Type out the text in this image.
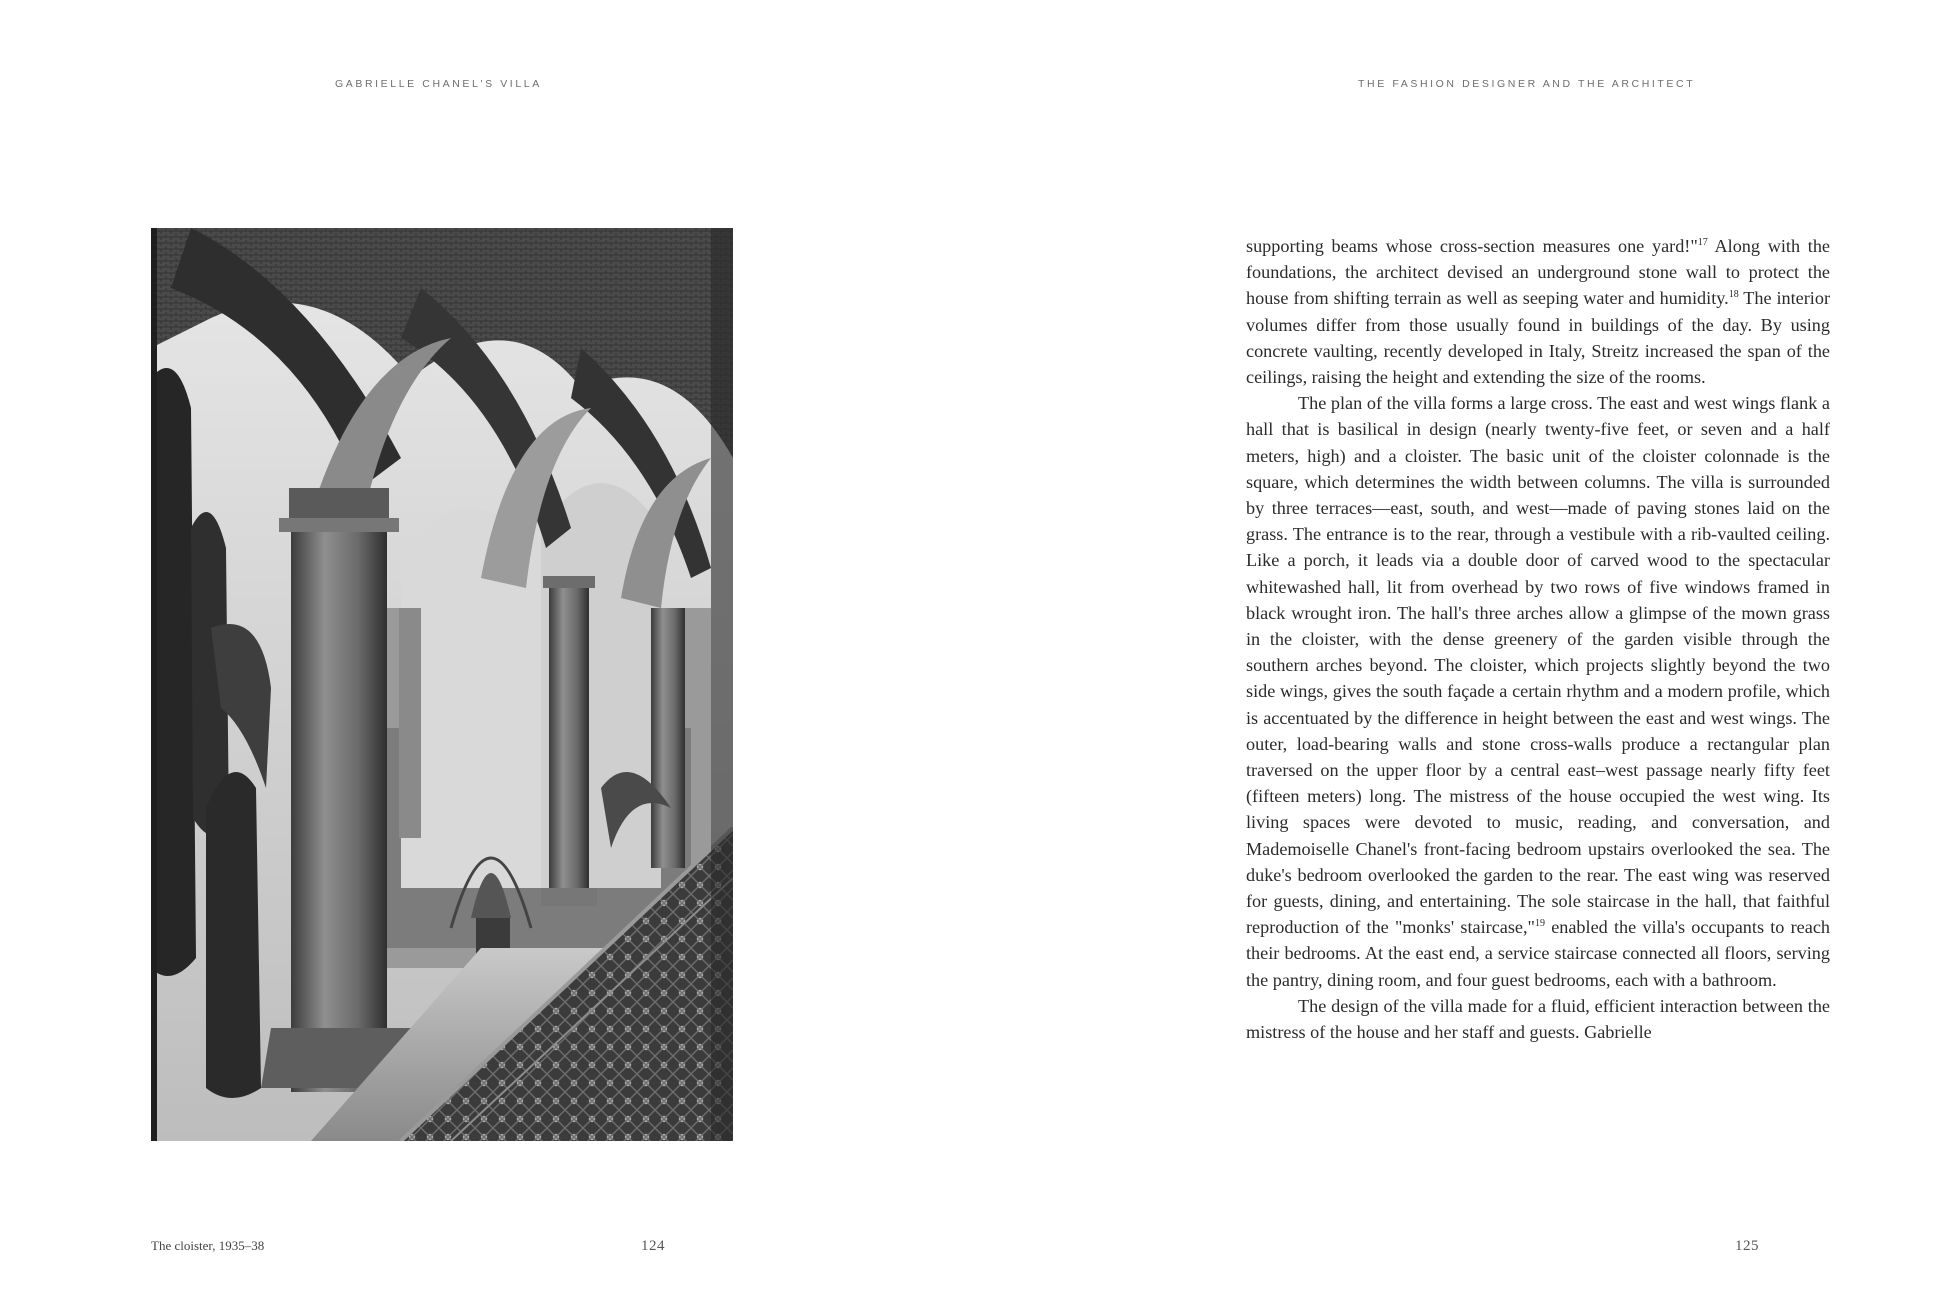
GABRIELLE CHANEL'S VILLA
The cloister, 1935–38	124
THE FASHION DESIGNER AND THE ARCHITECT

supporting beams whose cross-section measures one yard!"$^{17}$ Along with the foundations, the architect devised an underground stone wall to protect the house from shifting terrain as well as seeping water and humidity.$^{18}$ The interior volumes differ from those usually found in buildings of the day. By using concrete vaulting, recently developed in Italy, Streitz increased the span of the ceilings, raising the height and extending the size of the rooms.

The plan of the villa forms a large cross. The east and west wings flank a hall that is basilical in design (nearly twenty-five feet, or seven and a half meters, high) and a cloister. The basic unit of the cloister colonnade is the square, which determines the width between columns. The villa is surrounded by three terraces—east, south, and west—made of paving stones laid on the grass. The entrance is to the rear, through a vestibule with a rib-vaulted ceiling. Like a porch, it leads via a double door of carved wood to the spectacular whitewashed hall, lit from overhead by two rows of five windows framed in black wrought iron. The hall's three arches allow a glimpse of the mown grass in the cloister, with the dense greenery of the garden visible through the southern arches beyond. The cloister, which projects slightly beyond the two side wings, gives the south façade a certain rhythm and a modern profile, which is accentuated by the difference in height between the east and west wings. The outer, load-bearing walls and stone cross-walls produce a rectangular plan traversed on the upper floor by a central east–west passage nearly fifty feet (fifteen meters) long. The mistress of the house occupied the west wing. Its living spaces were devoted to music, reading, and conversation, and Mademoiselle Chanel's front-facing bedroom upstairs overlooked the sea. The duke's bedroom overlooked the garden to the rear. The east wing was reserved for guests, dining, and entertaining. The sole staircase in the hall, that faithful reproduction of the "monks' staircase,"$^{19}$ enabled the villa's occupants to reach their bedrooms. At the east end, a service staircase connected all floors, serving the pantry, dining room, and four guest bedrooms, each with a bathroom.

The design of the villa made for a fluid, efficient interaction between the mistress of the house and her staff and guests. Gabrielle

125
